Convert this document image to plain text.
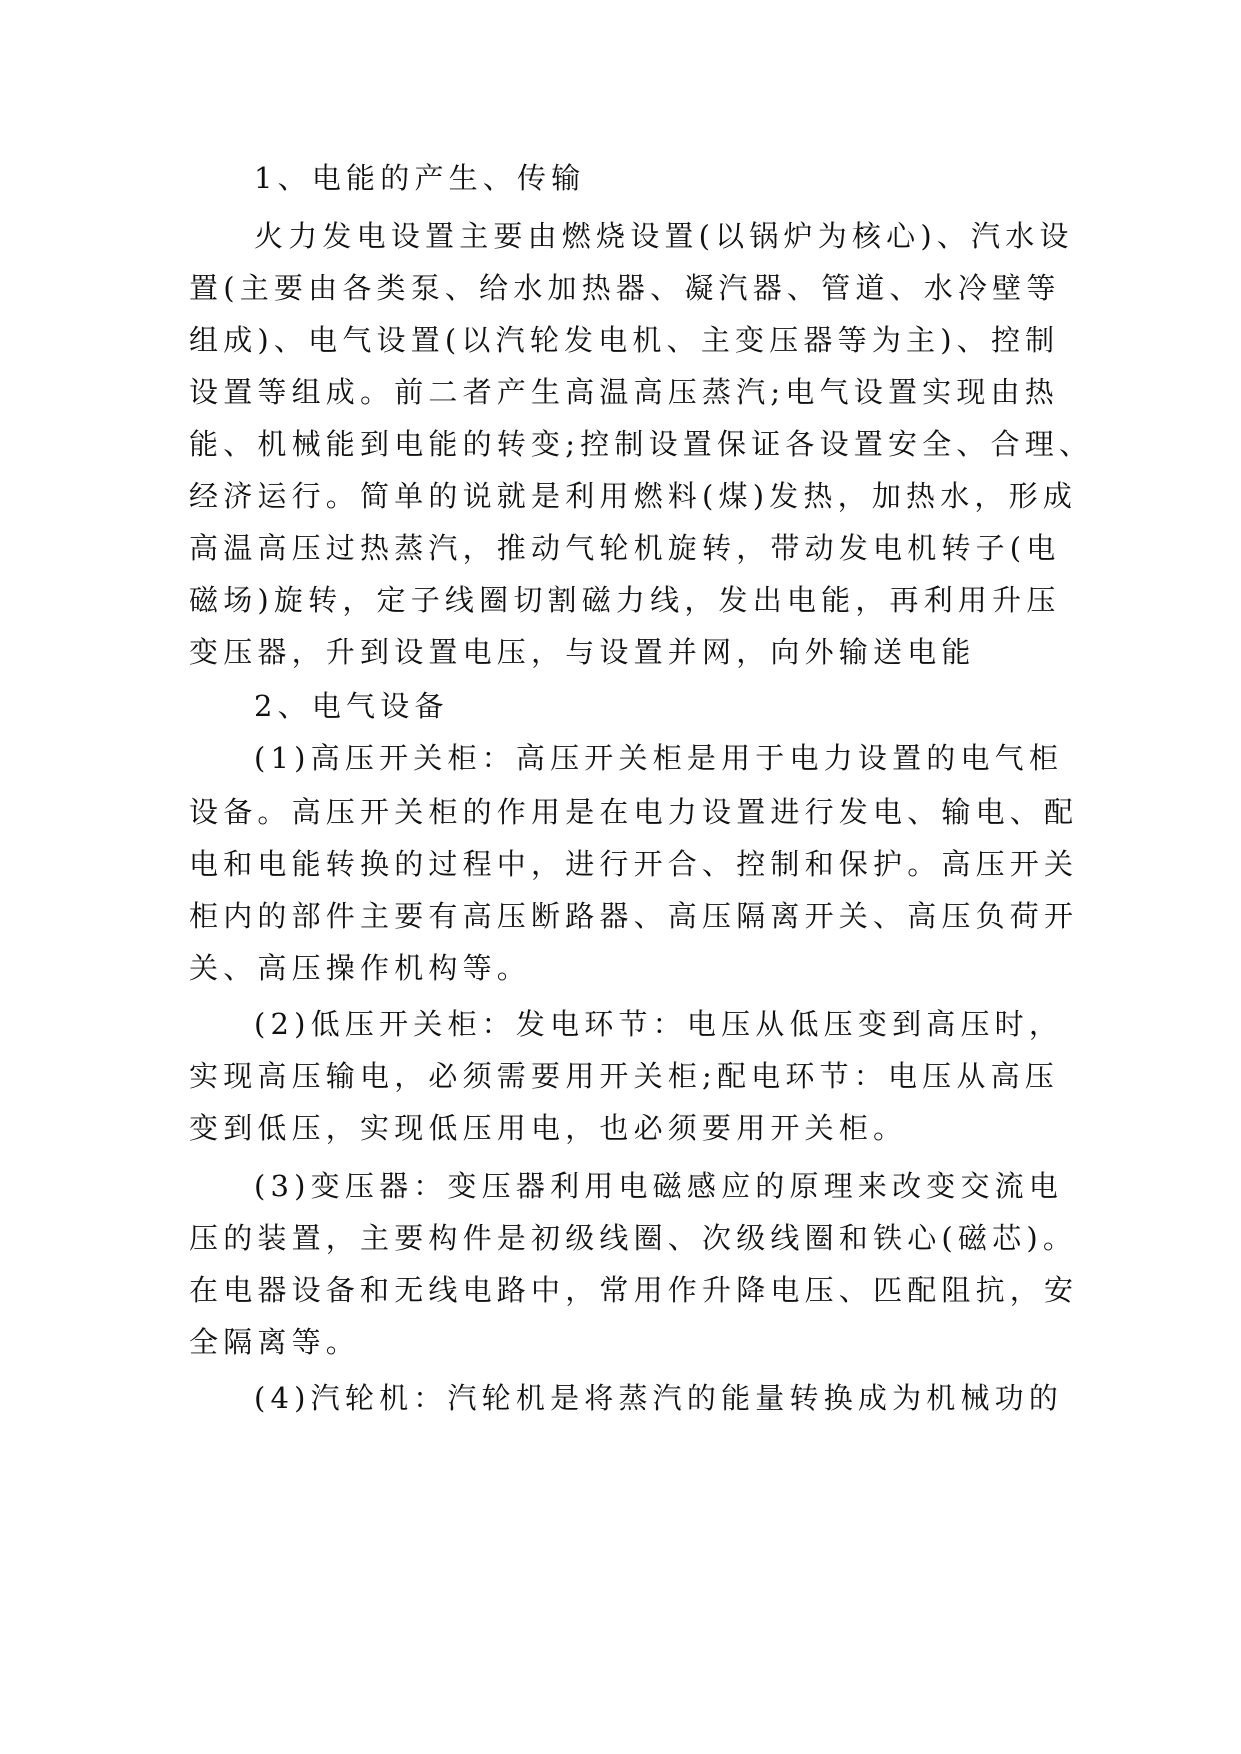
1、电能的产生、传输

火力发电设置主要由燃烧设置(以锅炉为核心)、汽水设

置(主要由各类泵、给水加热器、凝汽器、管道、水冷壁等

组成)、电气设置(以汽轮发电机、主变压器等为主)、控制

设置等组成。前二者产生高温高压蒸汽;电气设置实现由热

能、机械能到电能的转变;控制设置保证各设置安全、合理、

经济运行。简单的说就是利用燃料(煤)发热，加热水，形成

高温高压过热蒸汽，推动气轮机旋转，带动发电机转子(电

磁场)旋转，定子线圈切割磁力线，发出电能，再利用升压

变压器，升到设置电压，与设置并网，向外输送电能

2、电气设备

(1)高压开关柜：高压开关柜是用于电力设置的电气柜

设备。高压开关柜的作用是在电力设置进行发电、输电、配

电和电能转换的过程中，进行开合、控制和保护。高压开关

柜内的部件主要有高压断路器、高压隔离开关、高压负荷开

关、高压操作机构等。

(2)低压开关柜：发电环节：电压从低压变到高压时，

实现高压输电，必须需要用开关柜;配电环节：电压从高压

变到低压，实现低压用电，也必须要用开关柜。

(3)变压器：变压器利用电磁感应的原理来改变交流电

压的装置，主要构件是初级线圈、次级线圈和铁心(磁芯)。

在电器设备和无线电路中，常用作升降电压、匹配阻抗，安

全隔离等。

(4)汽轮机：汽轮机是将蒸汽的能量转换成为机械功的
